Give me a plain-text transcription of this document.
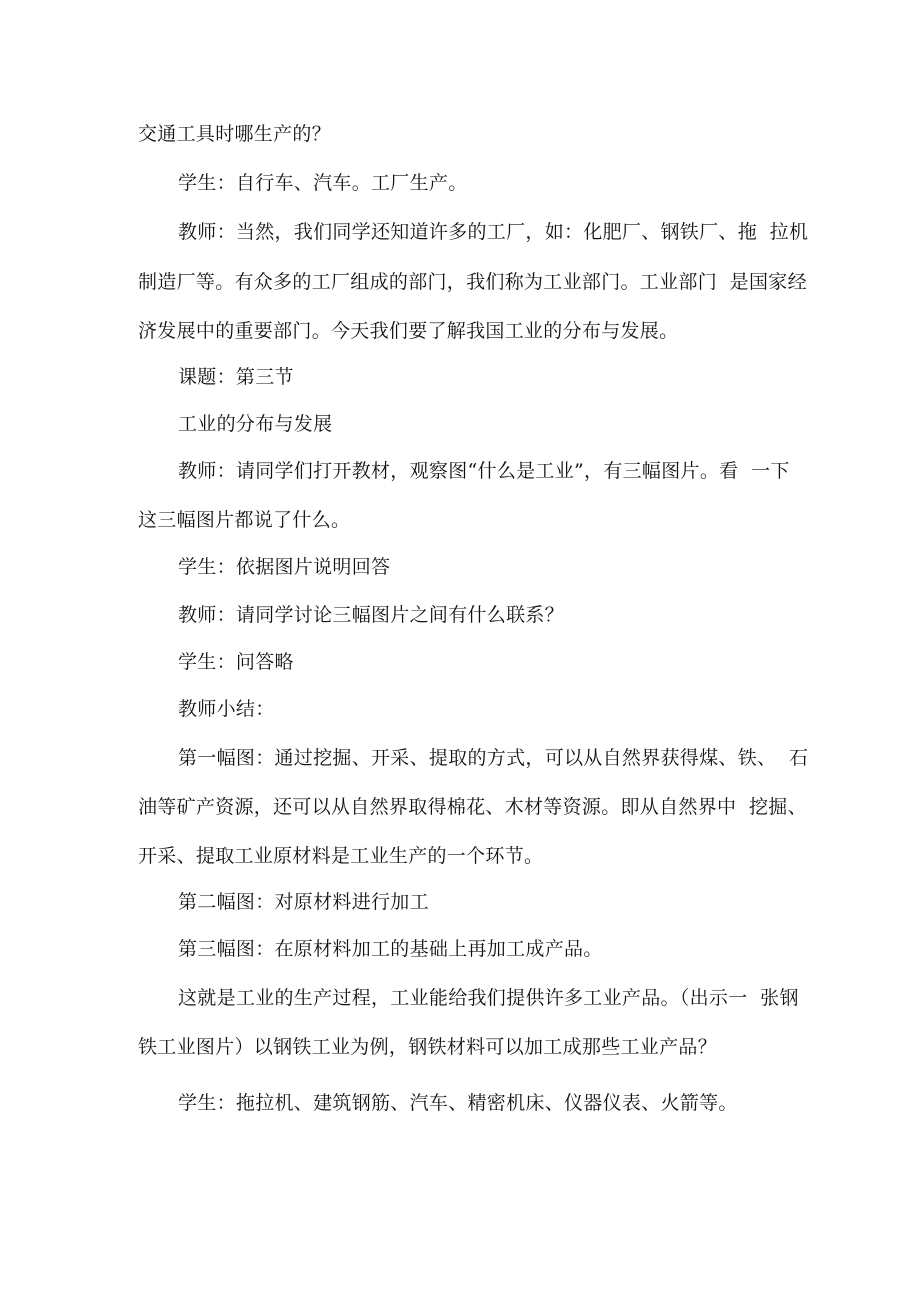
交通工具时哪生产的？
学生：自行车、汽车。工厂生产。
教师：当然，我们同学还知道许多的工厂，如：化肥厂、钢铁厂、拖  拉机
制造厂等。有众多的工厂组成的部门，我们称为工业部门。工业部门  是国家经
济发展中的重要部门。今天我们要了解我国工业的分布与发展。
课题：第三节
工业的分布与发展
教师：请同学们打开教材，观察图“什么是工业”，有三幅图片。看  一下
这三幅图片都说了什么。
学生：依据图片说明回答
教师：请同学讨论三幅图片之间有什么联系？
学生：问答略
教师小结：
第一幅图：通过挖掘、开采、提取的方式，可以从自然界获得煤、铁、  石
油等矿产资源，还可以从自然界取得棉花、木材等资源。即从自然界中  挖掘、
开采、提取工业原材料是工业生产的一个环节。
第二幅图：对原材料进行加工
第三幅图：在原材料加工的基础上再加工成产品。
这就是工业的生产过程，工业能给我们提供许多工业产品。（出示一  张钢
铁工业图片）以钢铁工业为例，钢铁材料可以加工成那些工业产品？
学生：拖拉机、建筑钢筋、汽车、精密机床、仪器仪表、火箭等。
